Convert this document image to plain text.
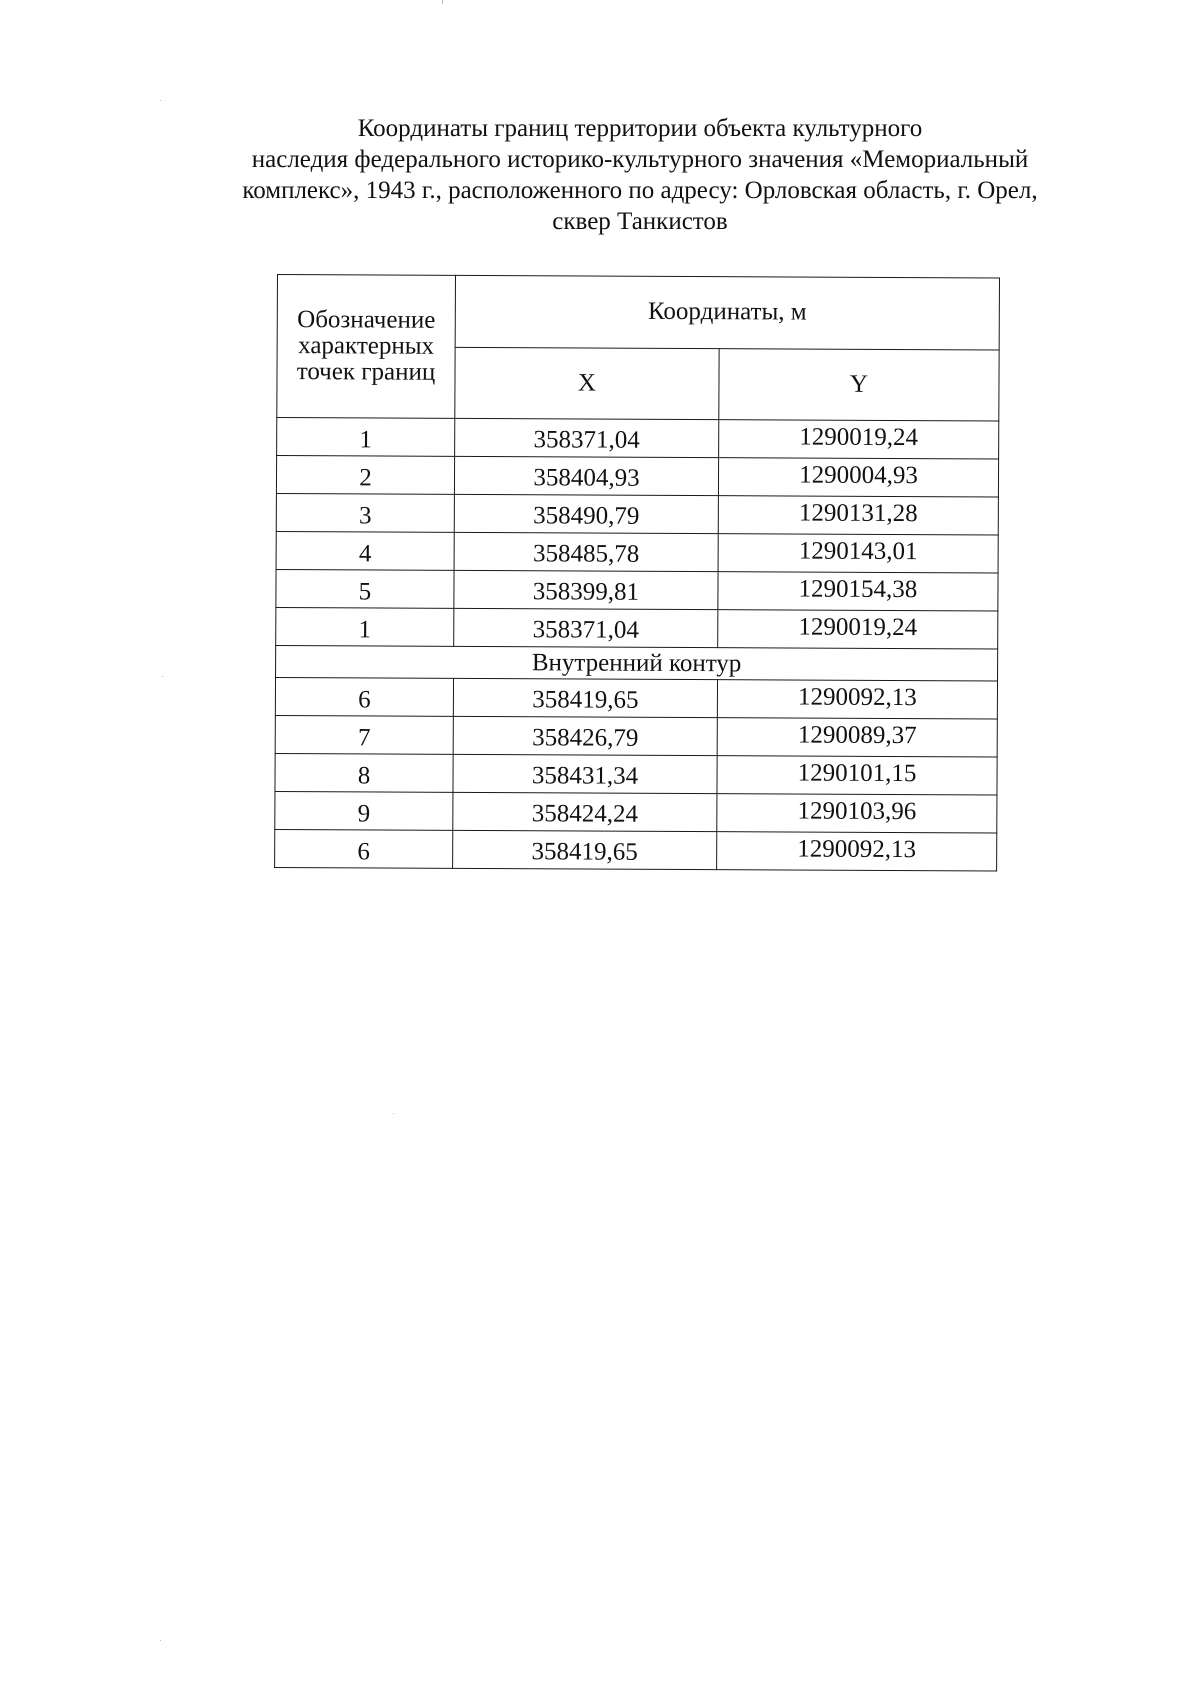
Координаты границ территории объекта культурного
наследия федерального историко-культурного значения «Мемориальный
комплекс», 1943 г., расположенного по адресу: Орловская область, г. Орел,
сквер Танкистов
Обозначение характерных точек границ	Координаты, м	
	X	Y
1	358371,04	1290019,24
2	358404,93	1290004,93
3	358490,79	1290131,28
4	358485,78	1290143,01
5	358399,81	1290154,38
1	358371,04	1290019,24
Внутренний контур		
6	358419,65	1290092,13
7	358426,79	1290089,37
8	358431,34	1290101,15
9	358424,24	1290103,96
6	358419,65	1290092,13
